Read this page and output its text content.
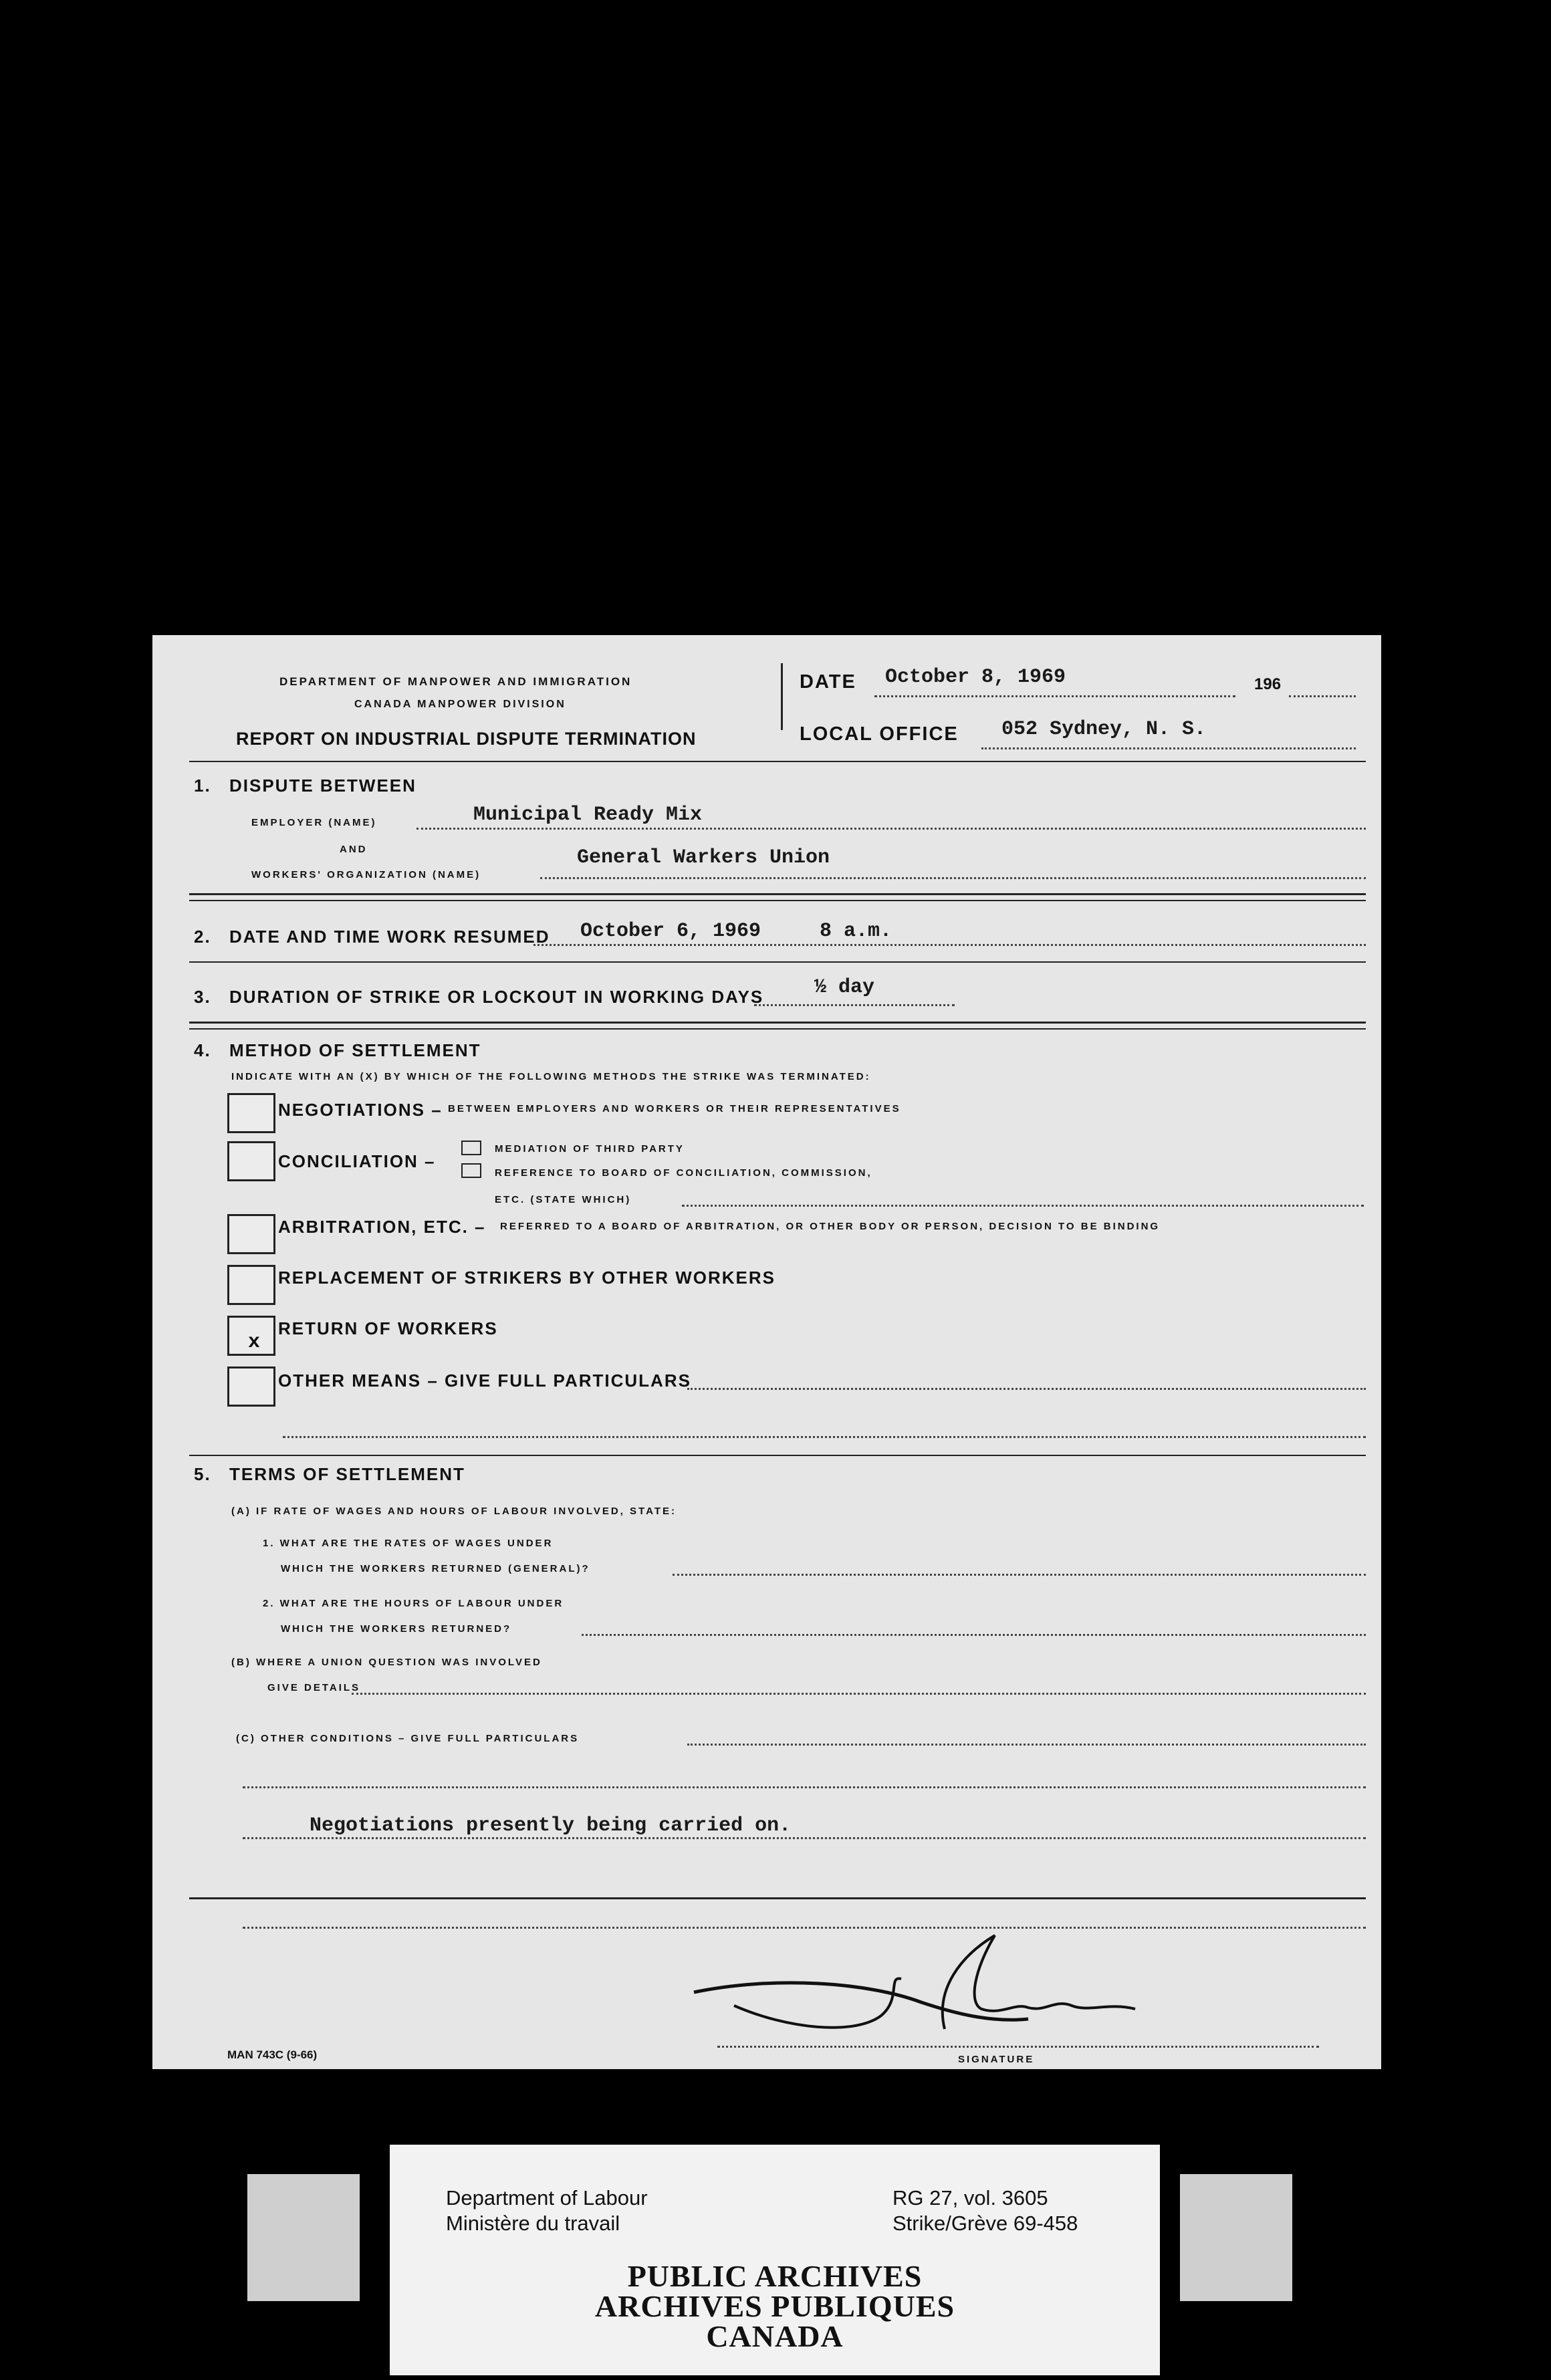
DEPARTMENT OF MANPOWER AND IMMIGRATION
CANADA MANPOWER DIVISION
REPORT ON INDUSTRIAL DISPUTE TERMINATION
DATE October 8, 1969	196
LOCAL OFFICE 052 Sydney, N. S.
1. DISPUTE BETWEEN
EMPLOYER (NAME)	Municipal Ready Mix
AND
WORKERS' ORGANIZATION (NAME)
General Warkers Union
2. DATE AND TIME WORK RESUMED October 6, 1969	8 a.m.
3. DURATION OF STRIKE OR LOCKOUT IN WORKING DAYS	½ day
4. METHOD OF SETTLEMENT
INDICATE WITH AN (X) BY WHICH OF THE FOLLOWING METHODS THE STRIKE WAS TERMINATED:
NEGOTIATIONS – BETWEEN EMPLOYERS AND WORKERS OR THEIR REPRESENTATIVES
CONCILIATION –
MEDIATION OF THIRD PARTY
REFERENCE TO BOARD OF CONCILIATION, COMMISSION,
ETC. (STATE WHICH)
ARBITRATION, ETC. – REFERRED TO A BOARD OF ARBITRATION, OR OTHER BODY OR PERSON, DECISION TO BE BINDING
REPLACEMENT OF STRIKERS BY OTHER WORKERS
x
RETURN OF WORKERS
OTHER MEANS – GIVE FULL PARTICULARS
5. TERMS OF SETTLEMENT
(A) IF RATE OF WAGES AND HOURS OF LABOUR INVOLVED, STATE:
1. WHAT ARE THE RATES OF WAGES UNDER
WHICH THE WORKERS RETURNED (GENERAL)?
2. WHAT ARE THE HOURS OF LABOUR UNDER
WHICH THE WORKERS RETURNED?
(B) WHERE A UNION QUESTION WAS INVOLVED
GIVE DETAILS
(C) OTHER CONDITIONS – GIVE FULL PARTICULARS
Negotiations presently being carried on.
SIGNATURE
MAN 743C (9-66)
Department of Labour
Ministère du travail
RG 27, vol. 3605
Strike/Grève 69-458
PUBLIC ARCHIVES
ARCHIVES PUBLIQUES
CANADA
